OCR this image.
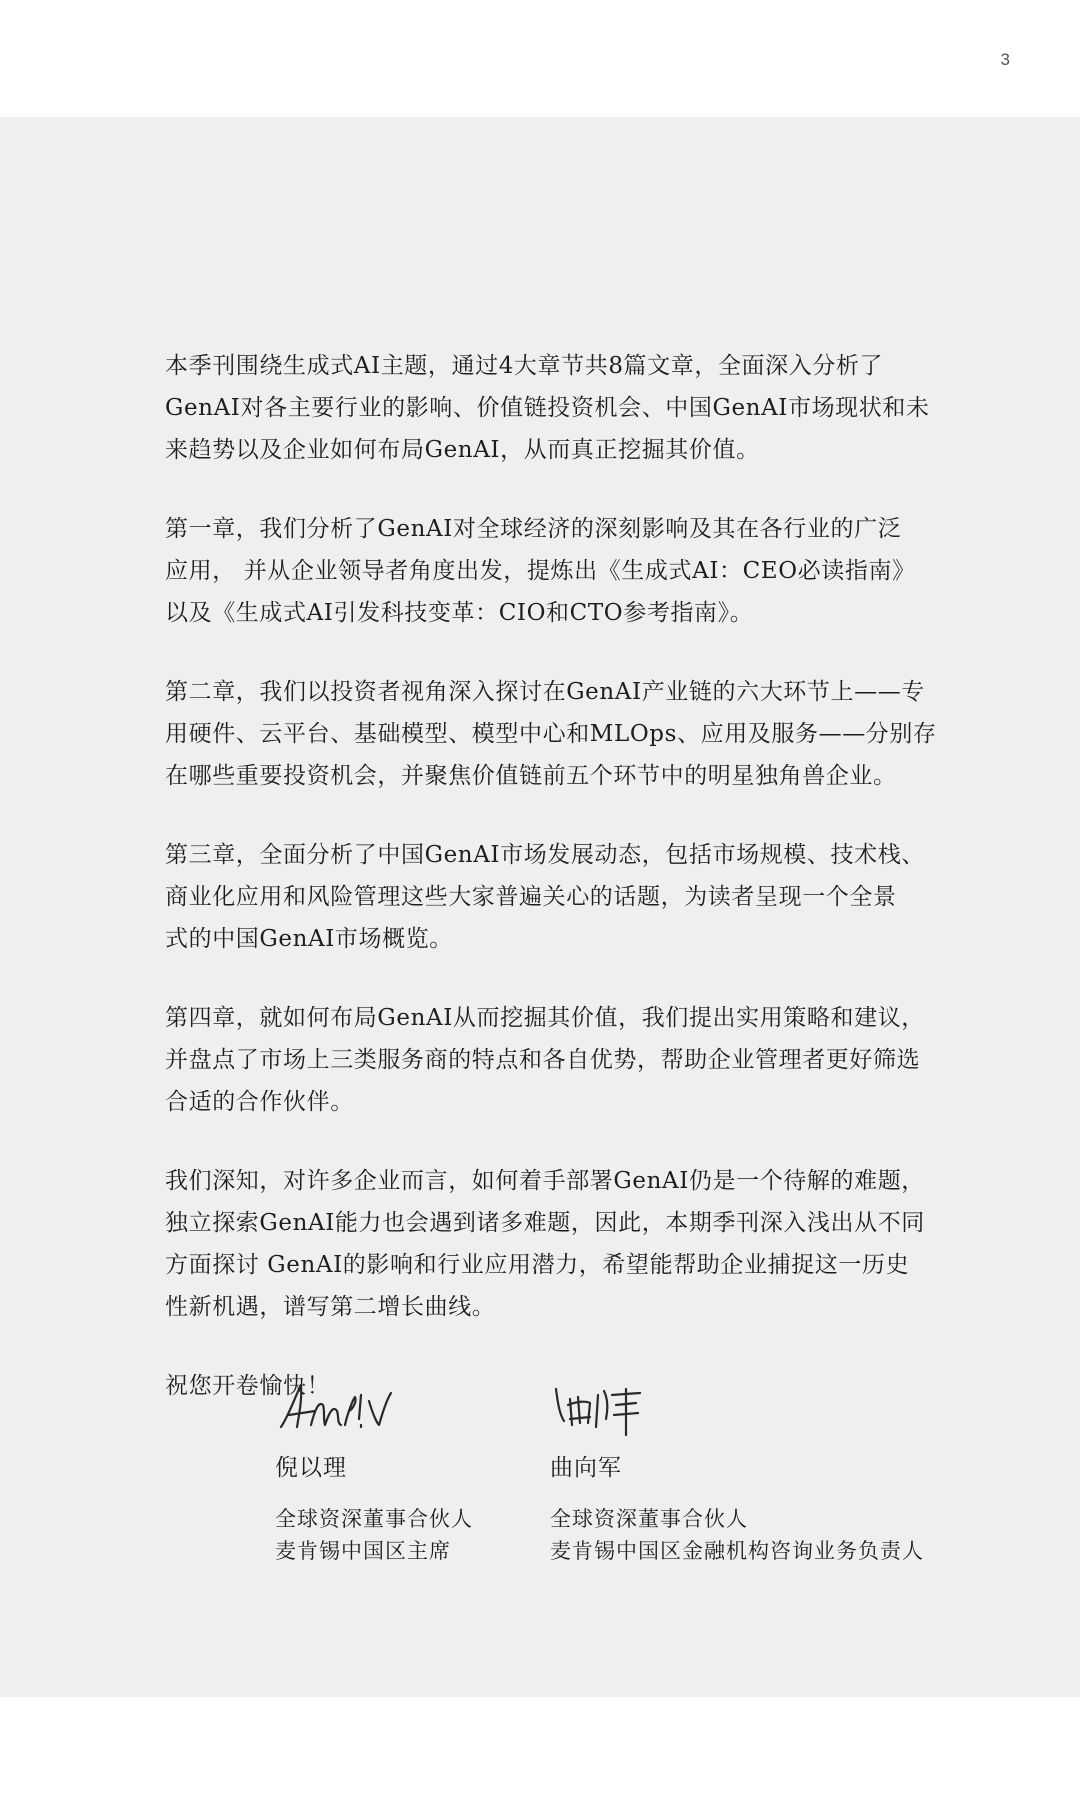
3

本季刊围绕生成式AI主题，通过4大章节共8篇文章，全面深入分析了
GenAI对各主要行业的影响、价值链投资机会、中国GenAI市场现状和未
来趋势以及企业如何布局GenAI，从而真正挖掘其价值。

第一章，我们分析了GenAI对全球经济的深刻影响及其在各行业的广泛
应用， 并从企业领导者角度出发，提炼出《生成式AI：CEO必读指南》
以及《生成式AI引发科技变革：CIO和CTO参考指南》。

第二章，我们以投资者视角深入探讨在GenAI产业链的六大环节上——专
用硬件、云平台、基础模型、模型中心和MLOps、应用及服务——分别存
在哪些重要投资机会，并聚焦价值链前五个环节中的明星独角兽企业。

第三章，全面分析了中国GenAI市场发展动态，包括市场规模、技术栈、
商业化应用和风险管理这些大家普遍关心的话题，为读者呈现一个全景
式的中国GenAI市场概览。

第四章，就如何布局GenAI从而挖掘其价值，我们提出实用策略和建议，
并盘点了市场上三类服务商的特点和各自优势，帮助企业管理者更好筛选
合适的合作伙伴。

我们深知，对许多企业而言，如何着手部署GenAI仍是一个待解的难题，
独立探索GenAI能力也会遇到诸多难题，因此，本期季刊深入浅出从不同
方面探讨 GenAI的影响和行业应用潜力，希望能帮助企业捕捉这一历史
性新机遇，谱写第二增长曲线。

祝您开卷愉快！

倪以理
全球资深董事合伙人
麦肯锡中国区主席
曲向军
全球资深董事合伙人
麦肯锡中国区金融机构咨询业务负责人
